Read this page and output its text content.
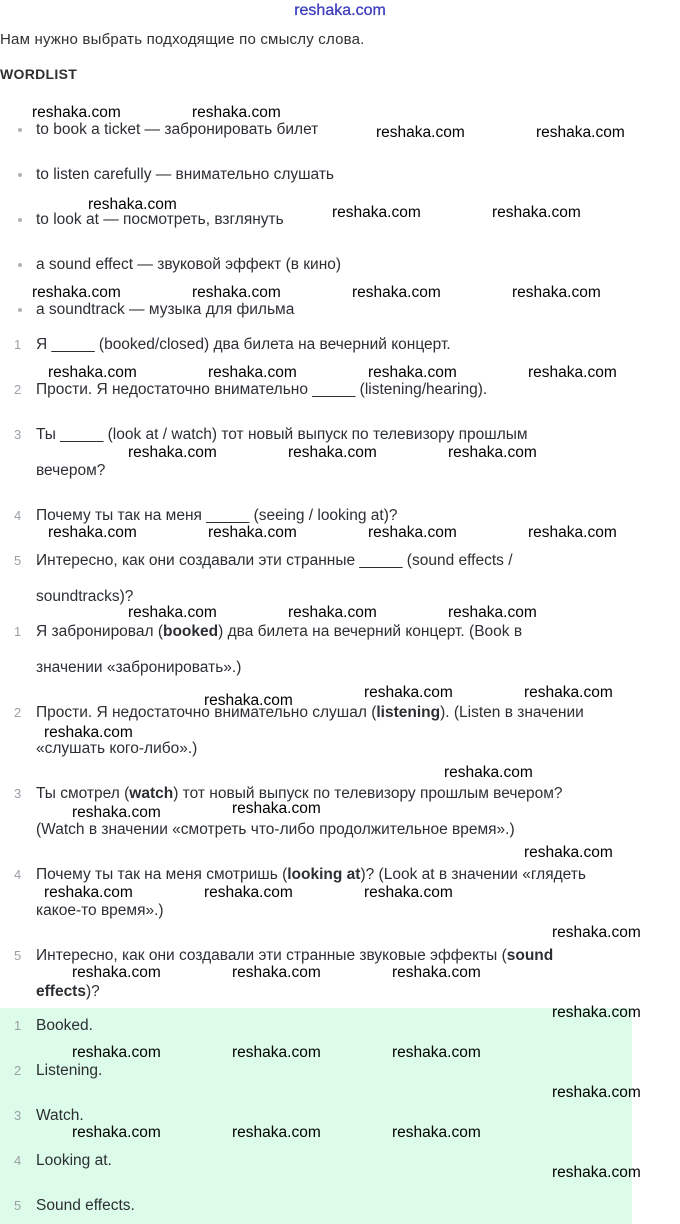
reshaka.com
Нам нужно выбрать подходящие по смыслу слова.
WORDLIST
to book a ticket — забронировать билет
to listen carefully — внимательно слушать
to look at — посмотреть, взглянуть
a sound effect — звуковой эффект (в кино)
a soundtrack — музыка для фильма
1 Я _____ (booked/closed) два билета на вечерний концерт.
2 Прости. Я недостаточно внимательно _____ (listening/hearing).
3 Ты _____ (look at / watch) тот новый выпуск по телевизору прошлым
вечером?
4 Почему ты так на меня _____ (seeing / looking at)?
5 Интересно, как они создавали эти странные _____ (sound effects /
soundtracks)?
1 Я забронировал (booked) два билета на вечерний концерт. (Book в
значении «забронировать».)
2 Прости. Я недостаточно внимательно слушал (listening). (Listen в значении
«слушать кого-либо».)
3 Ты смотрел (watch) тот новый выпуск по телевизору прошлым вечером?
(Watch в значении «смотреть что-либо продолжительное время».)
4 Почему ты так на меня смотришь (looking at)? (Look at в значении «глядеть
какое-то время».)
5 Интересно, как они создавали эти странные звуковые эффекты (sound
effects)?
1 Booked.
2 Listening.
3 Watch.
4 Looking at.
5 Sound effects.
reshaka.com	reshaka.com
reshaka.com	reshaka.com
reshaka.com	reshaka.com	reshaka.com
reshaka.com	reshaka.com	reshaka.com	reshaka.com
reshaka.com	reshaka.com	reshaka.com	reshaka.com
reshaka.com	reshaka.com	reshaka.com
reshaka.com	reshaka.com	reshaka.com	reshaka.com
reshaka.com	reshaka.com	reshaka.com
reshaka.com	reshaka.com
reshaka.com
reshaka.com
reshaka.com
reshaka.com
reshaka.com
reshaka.com
reshaka.com	reshaka.com	reshaka.com
reshaka.com
reshaka.com	reshaka.com	reshaka.com
reshaka.com
reshaka.com	reshaka.com	reshaka.com
reshaka.com
reshaka.com	reshaka.com	reshaka.com
reshaka.com
